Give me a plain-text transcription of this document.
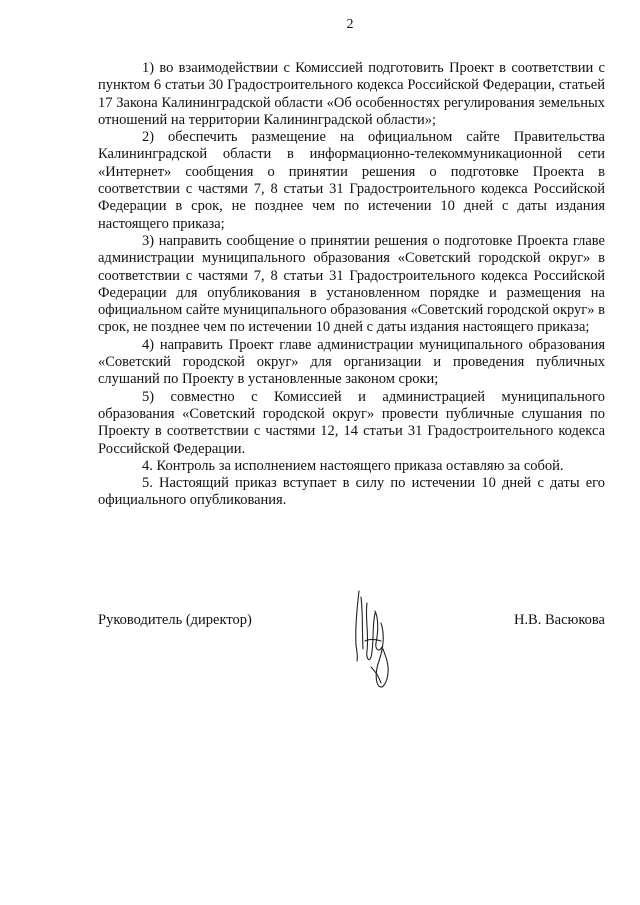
2

1) во взаимодействии с Комиссией подготовить Проект в соответствии с пунктом 6 статьи 30 Градостроительного кодекса Российской Федерации, статьей 17 Закона Калининградской области «Об особенностях регулирования земельных отношений на территории Калининградской области»;

2) обеспечить размещение на официальном сайте Правительства Калининградской области в информационно-телекоммуникационной сети «Интернет» сообщения о принятии решения о подготовке Проекта в соответствии с частями 7, 8 статьи 31 Градостроительного кодекса Российской Федерации в срок, не позднее чем по истечении 10 дней с даты издания настоящего приказа;

3) направить сообщение о принятии решения о подготовке Проекта главе администрации муниципального образования «Советский городской округ» в соответствии с частями 7, 8 статьи 31 Градостроительного кодекса Российской Федерации для опубликования в установленном порядке и размещения на официальном сайте муниципального образования «Советский городской округ» в срок, не позднее чем по истечении 10 дней с даты издания настоящего приказа;

4) направить Проект главе администрации муниципального образования «Советский городской округ» для организации и проведения публичных слушаний по Проекту в установленные законом сроки;

5) совместно с Комиссией и администрацией муниципального образования «Советский городской округ» провести публичные слушания по Проекту в соответствии с частями 12, 14 статьи 31 Градостроительного кодекса Российской Федерации.

4. Контроль за исполнением настоящего приказа оставляю за собой.

5. Настоящий приказ вступает в силу по истечении 10 дней с даты его официального опубликования.

Руководитель (директор)	Н.В. Васюкова
